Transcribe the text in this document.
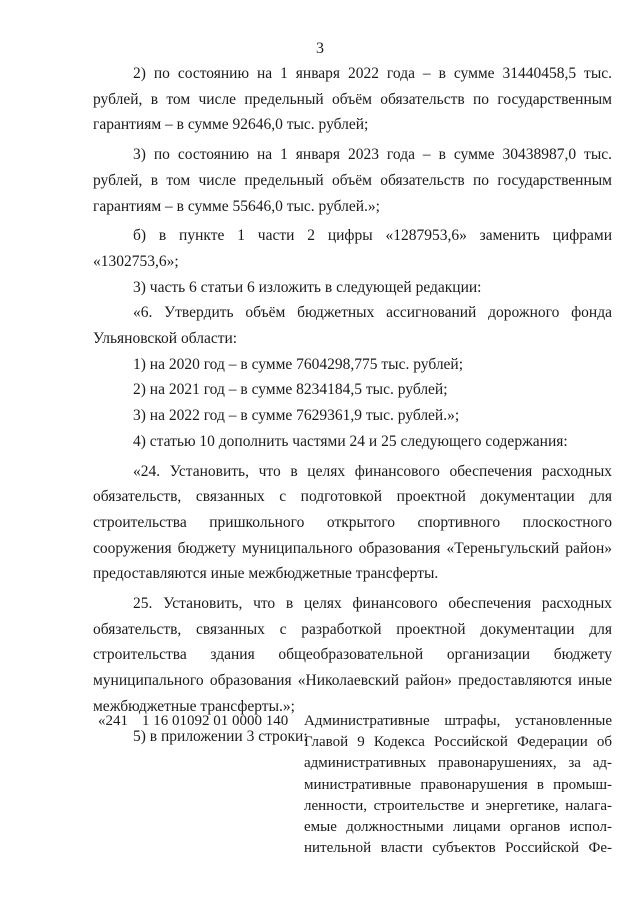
3

2) по состоянию на 1 января 2022 года – в сумме 31440458,5 тыс. рублей, в том числе предельный объём обязательств по государственным гарантиям – в сумме 92646,0 тыс. рублей;

3) по состоянию на 1 января 2023 года – в сумме 30438987,0 тыс. рублей, в том числе предельный объём обязательств по государственным гарантиям – в сумме 55646,0 тыс. рублей.»;

б) в пункте 1 части 2 цифры «1287953,6» заменить цифрами «1302753,6»;

3) часть 6 статьи 6 изложить в следующей редакции:

«6. Утвердить объём бюджетных ассигнований дорожного фонда Ульяновской области:

1) на 2020 год – в сумме 7604298,775 тыс. рублей;

2) на 2021 год – в сумме 8234184,5 тыс. рублей;

3) на 2022 год – в сумме 7629361,9 тыс. рублей.»;

4) статью 10 дополнить частями 24 и 25 следующего содержания:

«24. Установить, что в целях финансового обеспечения расходных обязательств, связанных с подготовкой проектной документации для строительства пришкольного открытого спортивного плоскостного сооружения бюджету муниципального образования «Тереньгульский район» предоставляются иные межбюджетные трансферты.

25. Установить, что в целях финансового обеспечения расходных обязательств, связанных с разработкой проектной документации для строительства здания общеобразовательной организации бюджету муниципального образования «Николаевский район» предоставляются иные межбюджетные трансферты.»;

5) в приложении 3 строки:

«241 1 16 01092 01 0000 140 Административные штрафы, установленные
Главой 9 Кодекса Российской Федерации об
административных правонарушениях, за ад-
министративные правонарушения в промыш-
ленности, строительстве и энергетике, налага-
емые должностными лицами органов испол-
нительной власти субъектов Российской Фе-
